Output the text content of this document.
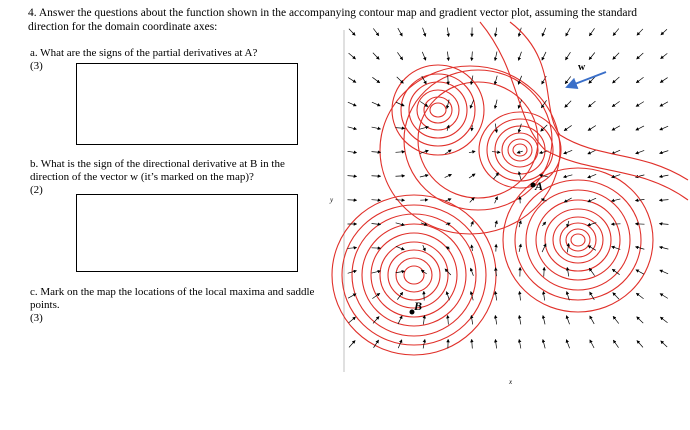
4. Answer the questions about the function shown in the accompanying contour map and gradient vector plot, assuming the standard direction for the domain coordinate axes:
a. What are the signs of the partial derivatives at A?
(3)
b. What is the sign of the directional derivative at B in the direction of the vector w (it’s marked on the map)?
(2)
c. Mark on the map the locations of the local maxima and saddle points.
(3)
A
B
w
x
y
